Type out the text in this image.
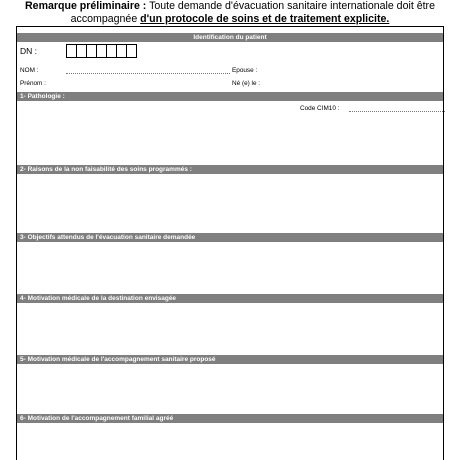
Remarque préliminaire : Toute demande d'évacuation sanitaire internationale doit être accompagnée d'un protocole de soins et de traitement explicite.
Identification du patient
DN :
NOM :	Epouse :
Prénom :	Né (e) le :
1- Pathologie :
Code CIM10 :
2- Raisons de la non faisabilité des soins programmés :
3- Objectifs attendus de l'évacuation sanitaire demandée
4- Motivation médicale de la destination envisagée
5- Motivation médicale de l'accompagnement sanitaire proposé
6- Motivation de l'accompagnement familial agréé
